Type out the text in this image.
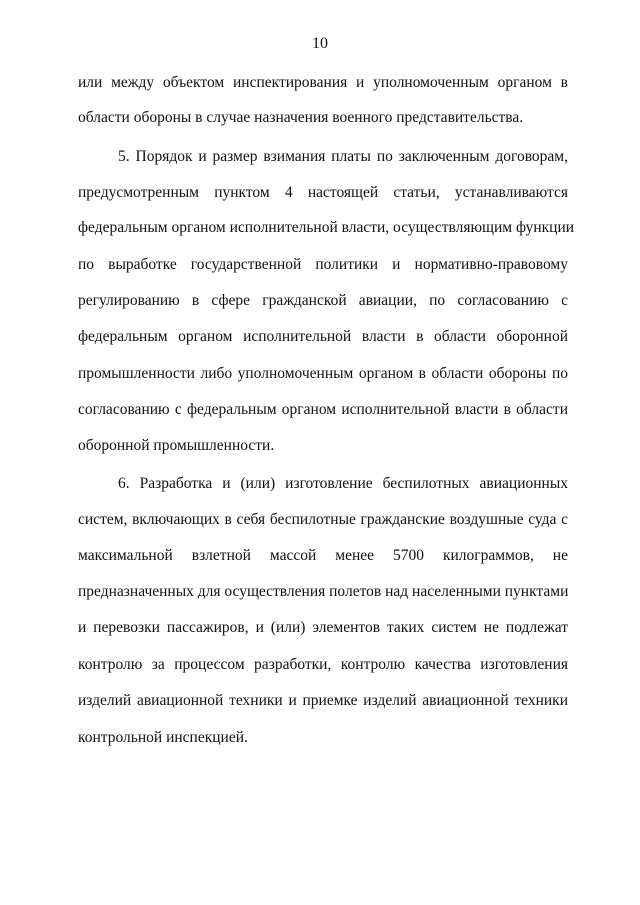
10
или между объектом инспектирования и уполномоченным органом в
области обороны в случае назначения военного представительства.
5. Порядок и размер взимания платы по заключенным договорам,
предусмотренным пунктом 4 настоящей статьи, устанавливаются
федеральным органом исполнительной власти, осуществляющим функции
по выработке государственной политики и нормативно-правовому
регулированию в сфере гражданской авиации, по согласованию с
федеральным органом исполнительной власти в области оборонной
промышленности либо уполномоченным органом в области обороны по
согласованию с федеральным органом исполнительной власти в области
оборонной промышленности.
6. Разработка и (или) изготовление беспилотных авиационных
систем, включающих в себя беспилотные гражданские воздушные суда с
максимальной взлетной массой менее 5700 килограммов, не
предназначенных для осуществления полетов над населенными пунктами
и перевозки пассажиров, и (или) элементов таких систем не подлежат
контролю за процессом разработки, контролю качества изготовления
изделий авиационной техники и приемке изделий авиационной техники
контрольной инспекцией.
